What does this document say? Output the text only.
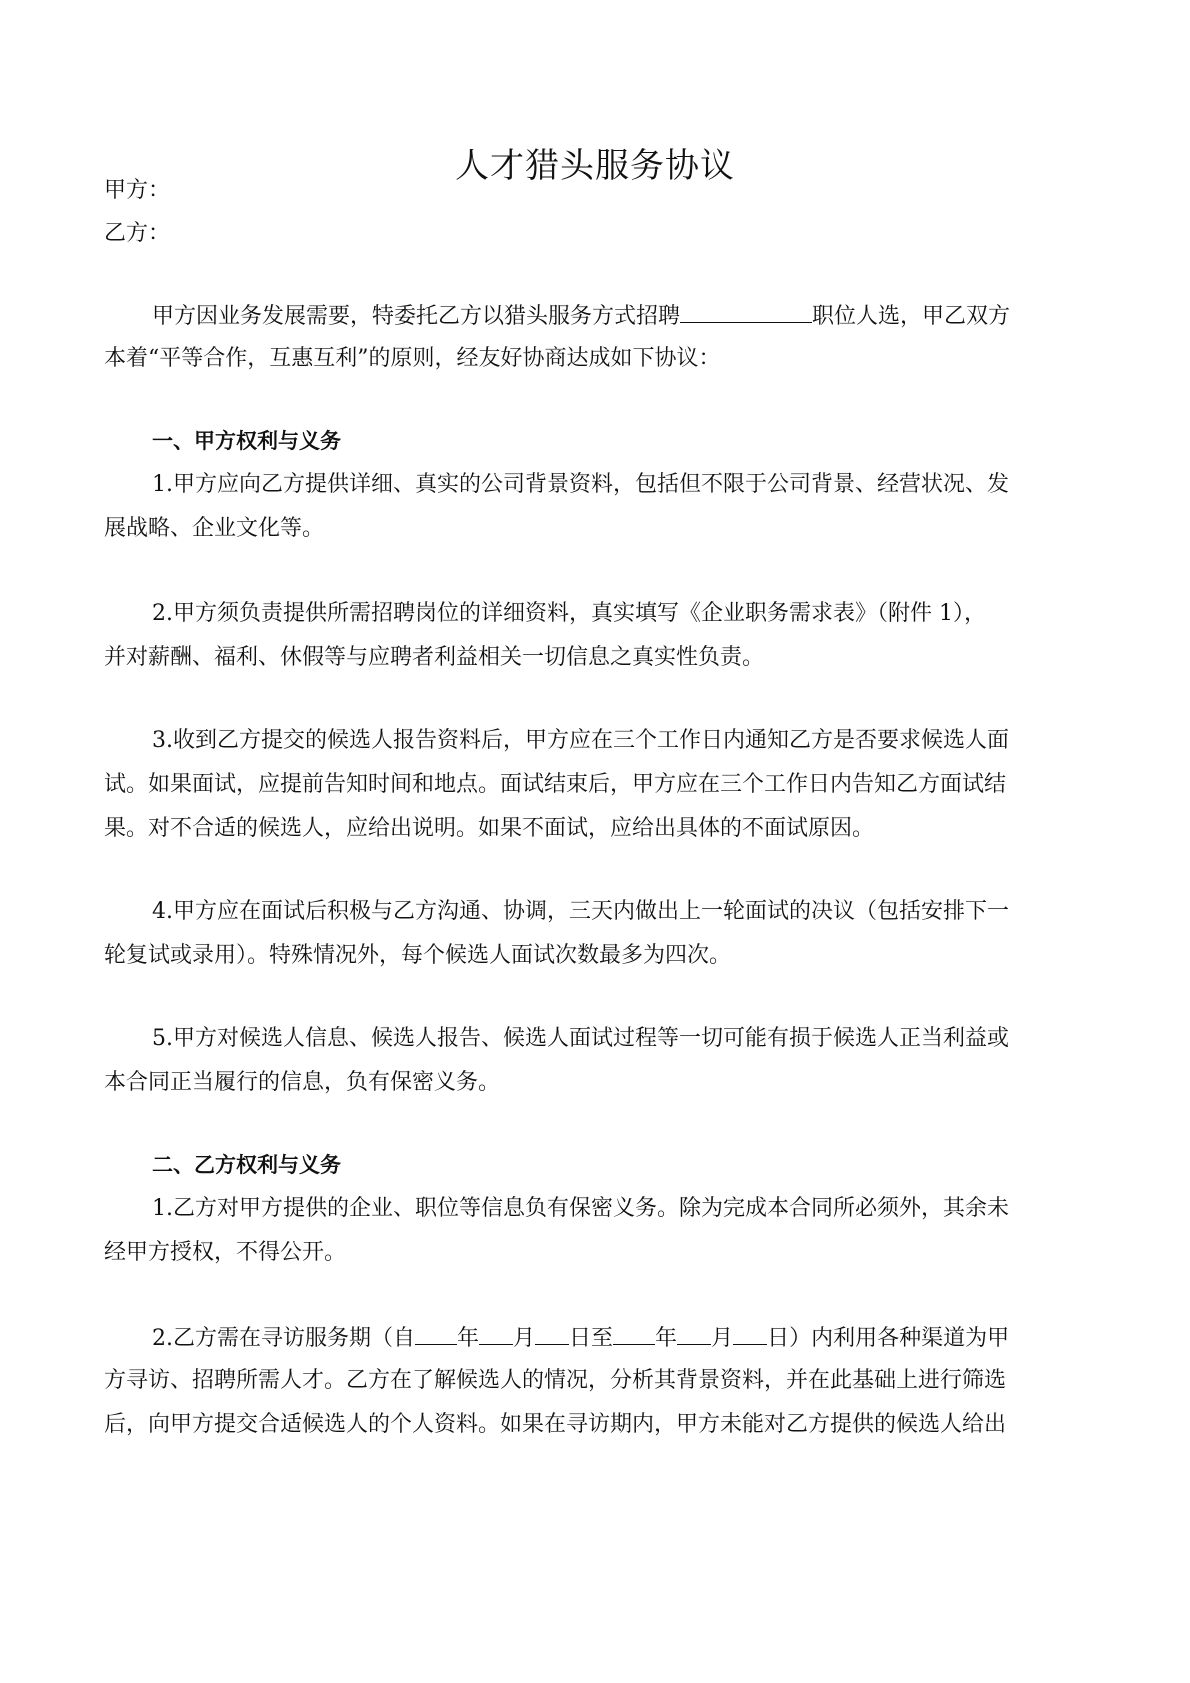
人才猎头服务协议
甲方：
乙方：
甲方因业务发展需要，特委托乙方以猎头服务方式招聘	职位人选，甲乙双方
本着“平等合作，互惠互利”的原则，经友好协商达成如下协议：
一、甲方权利与义务
1.甲方应向乙方提供详细、真实的公司背景资料，包括但不限于公司背景、经营状况、发
展战略、企业文化等。
2.甲方须负责提供所需招聘岗位的详细资料，真实填写《企业职务需求表》（附件 1），
并对薪酬、福利、休假等与应聘者利益相关一切信息之真实性负责。
3.收到乙方提交的候选人报告资料后，甲方应在三个工作日内通知乙方是否要求候选人面
试。如果面试，应提前告知时间和地点。面试结束后，甲方应在三个工作日内告知乙方面试结
果。对不合适的候选人，应给出说明。如果不面试，应给出具体的不面试原因。
4.甲方应在面试后积极与乙方沟通、协调，三天内做出上一轮面试的决议（包括安排下一
轮复试或录用）。特殊情况外，每个候选人面试次数最多为四次。
5.甲方对候选人信息、候选人报告、候选人面试过程等一切可能有损于候选人正当利益或
本合同正当履行的信息，负有保密义务。
二、乙方权利与义务
1.乙方对甲方提供的企业、职位等信息负有保密义务。除为完成本合同所必须外，其余未
经甲方授权，不得公开。
2.乙方需在寻访服务期（自 年 月 日至 年 月 日）内利用各种渠道为甲
方寻访、招聘所需人才。乙方在了解候选人的情况，分析其背景资料，并在此基础上进行筛选
后，向甲方提交合适候选人的个人资料。如果在寻访期内，甲方未能对乙方提供的候选人给出
